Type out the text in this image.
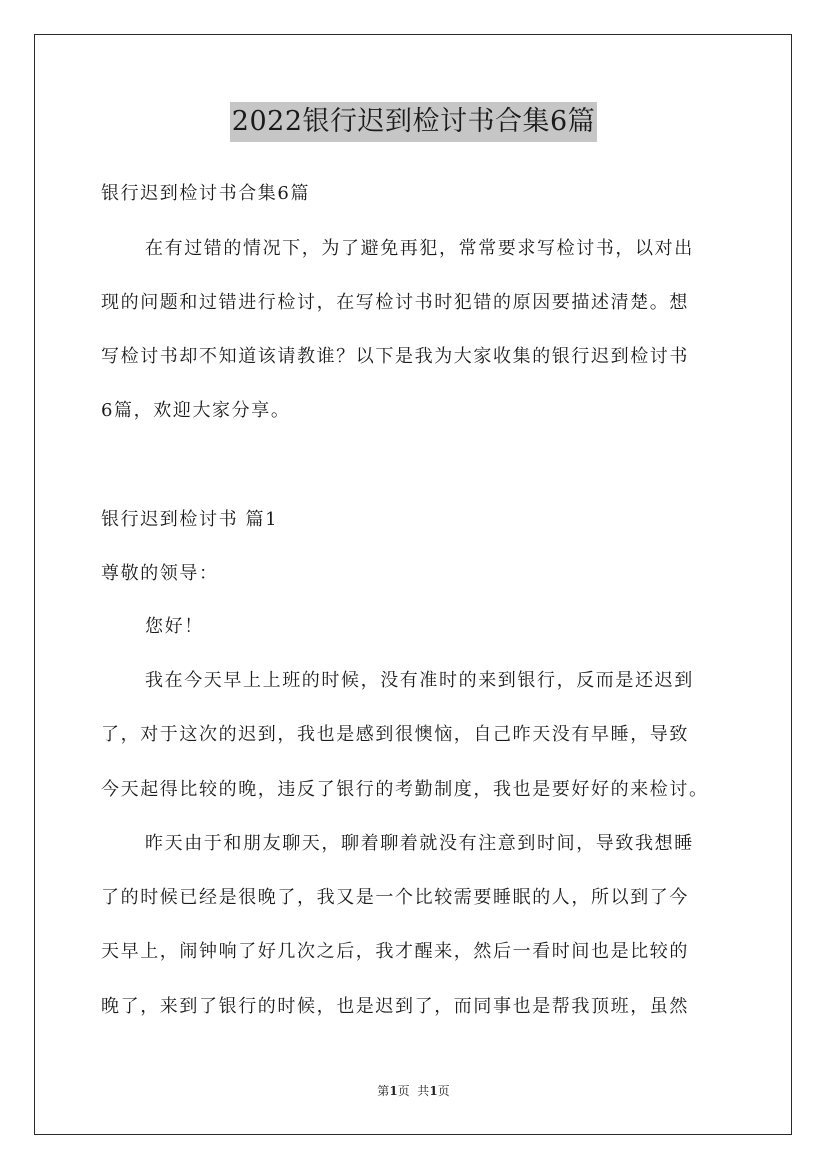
2022银行迟到检讨书合集6篇

银行迟到检讨书合集6篇

在有过错的情况下，为了避免再犯，常常要求写检讨书，以对出

现的问题和过错进行检讨，在写检讨书时犯错的原因要描述清楚。想

写检讨书却不知道该请教谁？以下是我为大家收集的银行迟到检讨书

6篇，欢迎大家分享。

银行迟到检讨书 篇1

尊敬的领导：

您好！

我在今天早上上班的时候，没有准时的来到银行，反而是还迟到

了，对于这次的迟到，我也是感到很懊恼，自己昨天没有早睡，导致

今天起得比较的晚，违反了银行的考勤制度，我也是要好好的来检讨。

昨天由于和朋友聊天，聊着聊着就没有注意到时间，导致我想睡

了的时候已经是很晚了，我又是一个比较需要睡眠的人，所以到了今

天早上，闹钟响了好几次之后，我才醒来，然后一看时间也是比较的

晚了，来到了银行的时候，也是迟到了，而同事也是帮我顶班，虽然

第1页  共1页
